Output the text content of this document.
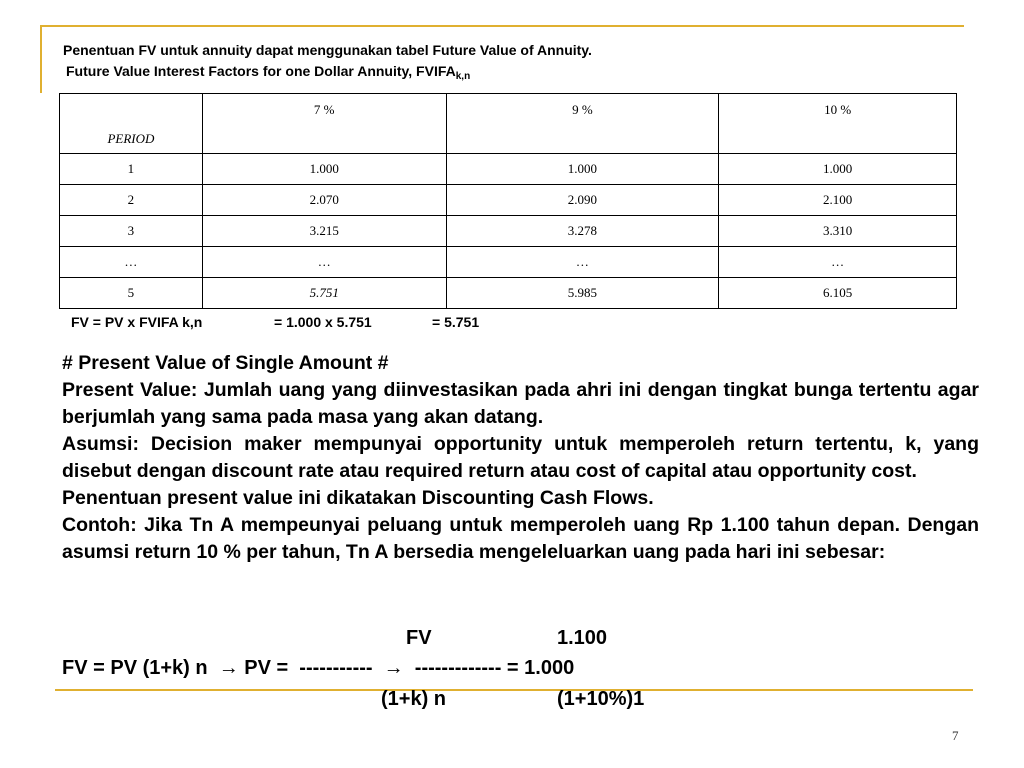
Penentuan FV untuk annuity dapat menggunakan tabel Future Value of Annuity.
Future Value Interest Factors for one Dollar Annuity, $FVIFA_{k,n}$
PERIOD	7 %	9 %	10 %
1	1.000	1.000	1.000
2	2.070	2.090	2.100
3	3.215	3.278	3.310
…	…	…	…
5	5.751	5.985	6.105
FV = PV x FVIFA k,n	= 1.000 x 5.751	= 5.751

# Present Value of Single Amount #

Present Value: Jumlah uang yang diinvestasikan pada ahri ini dengan tingkat bunga tertentu agar berjumlah yang sama pada masa yang akan datang.

Asumsi: Decision maker mempunyai opportunity untuk memperoleh return tertentu, k, yang disebut dengan discount rate atau required return atau cost of capital atau opportunity cost.

Penentuan present value ini dikatakan Discounting Cash Flows.

Contoh: Jika Tn A mempeunyai peluang untuk memperoleh uang Rp 1.100 tahun depan. Dengan asumsi return 10 % per tahun, Tn A bersedia mengeleluarkan uang pada hari ini sebesar:

FV	1.100
FV = PV (1+k) n  → PV =  -----------  →  ------------- = 1.000
(1+k) n	(1+10%)1
7
